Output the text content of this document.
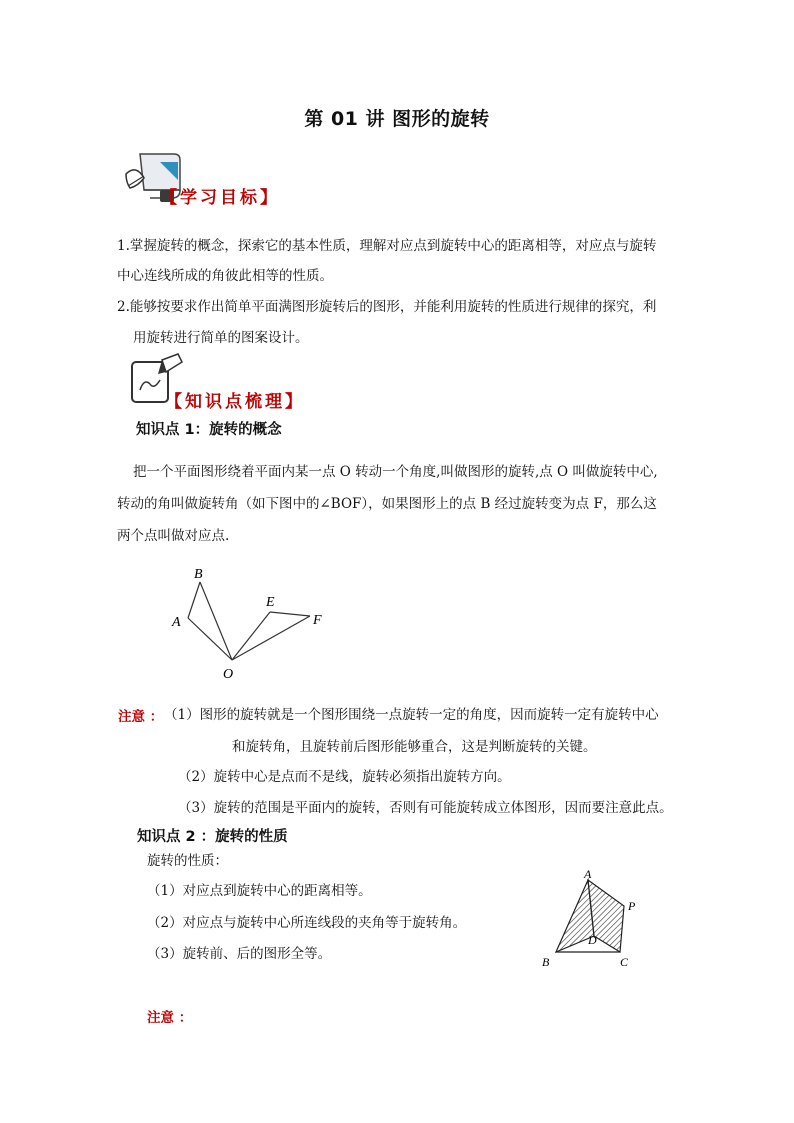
第 01 讲 图形的旋转
【学习目标】
1.掌握旋转的概念，探索它的基本性质，理解对应点到旋转中心的距离相等，对应点与旋转
中心连线所成的角彼此相等的性质。
2.能够按要求作出简单平面满图形旋转后的图形，并能利用旋转的性质进行规律的探究，利
用旋转进行简单的图案设计。
【知识点梳理】
知识点 1：旋转的概念
把一个平面图形绕着平面内某一点 O 转动一个角度,叫做图形的旋转,点 O 叫做旋转中心,
转动的角叫做旋转角（如下图中的∠BOF），如果图形上的点 B 经过旋转变为点 F，那么这
两个点叫做对应点.
B
A
E
F
O
注意 ： （1）图形的旋转就是一个图形围绕一点旋转一定的角度，因而旋转一定有旋转中心
和旋转角，且旋转前后图形能够重合，这是判断旋转的关键。
（2）旋转中心是点而不是线，旋转必须指出旋转方向。
（3）旋转的范围是平面内的旋转，否则有可能旋转成立体图形，因而要注意此点。
知识点 2 ：旋转的性质
旋转的性质：
（1）对应点到旋转中心的距离相等。
（2）对应点与旋转中心所连线段的夹角等于旋转角。
（3）旋转前、后的图形全等。
A
P
D
B	C
注意 ：
